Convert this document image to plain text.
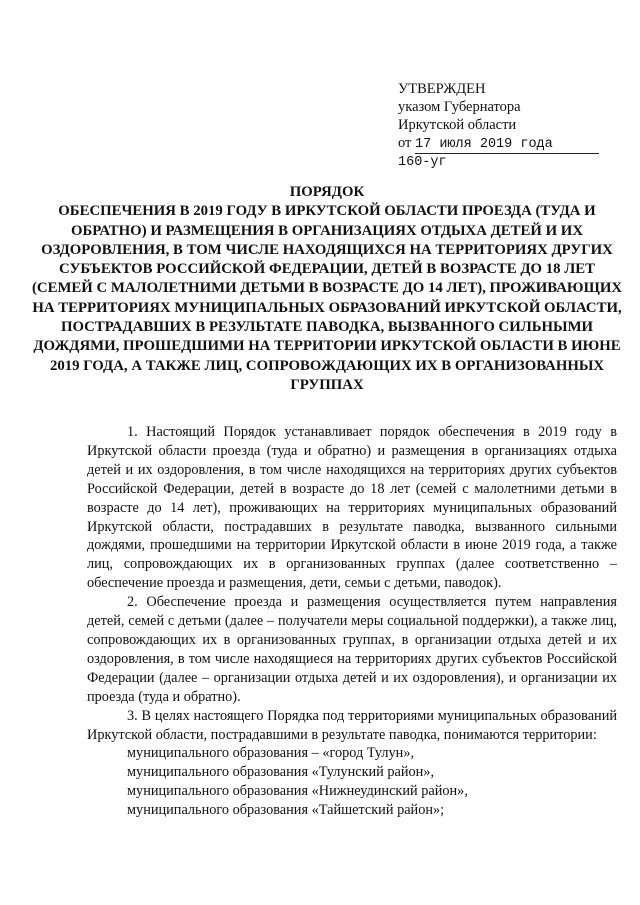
УТВЕРЖДЕН
указом Губернатора
Иркутской области
от 17 июля 2019 года
160-уг
ПОРЯДОК
ОБЕСПЕЧЕНИЯ В 2019 ГОДУ В ИРКУТСКОЙ ОБЛАСТИ ПРОЕЗДА (ТУДА И ОБРАТНО) И РАЗМЕЩЕНИЯ В ОРГАНИЗАЦИЯХ ОТДЫХА ДЕТЕЙ И ИХ ОЗДОРОВЛЕНИЯ, В ТОМ ЧИСЛЕ НАХОДЯЩИХСЯ НА ТЕРРИТОРИЯХ ДРУГИХ СУБЪЕКТОВ РОССИЙСКОЙ ФЕДЕРАЦИИ, ДЕТЕЙ В ВОЗРАСТЕ ДО 18 ЛЕТ (СЕМЕЙ С МАЛОЛЕТНИМИ ДЕТЬМИ В ВОЗРАСТЕ ДО 14 ЛЕТ), ПРОЖИВАЮЩИХ НА ТЕРРИТОРИЯХ МУНИЦИПАЛЬНЫХ ОБРАЗОВАНИЙ ИРКУТСКОЙ ОБЛАСТИ, ПОСТРАДАВШИХ В РЕЗУЛЬТАТЕ ПАВОДКА, ВЫЗВАННОГО СИЛЬНЫМИ ДОЖДЯМИ, ПРОШЕДШИМИ НА ТЕРРИТОРИИ ИРКУТСКОЙ ОБЛАСТИ В ИЮНЕ 2019 ГОДА, А ТАКЖЕ ЛИЦ, СОПРОВОЖДАЮЩИХ ИХ В ОРГАНИЗОВАННЫХ ГРУППАХ

1. Настоящий Порядок устанавливает порядок обеспечения в 2019 году в Иркутской области проезда (туда и обратно) и размещения в организациях отдыха детей и их оздоровления, в том числе находящихся на территориях других субъектов Российской Федерации, детей в возрасте до 18 лет (семей с малолетними детьми в возрасте до 14 лет), проживающих на территориях муниципальных образований Иркутской области, пострадавших в результате паводка, вызванного сильными дождями, прошедшими на территории Иркутской области в июне 2019 года, а также лиц, сопровождающих их в организованных группах (далее соответственно – обеспечение проезда и размещения, дети, семьи с детьми, паводок).

2. Обеспечение проезда и размещения осуществляется путем направления детей, семей с детьми (далее – получатели меры социальной поддержки), а также лиц, сопровождающих их в организованных группах, в организации отдыха детей и их оздоровления, в том числе находящиеся на территориях других субъектов Российской Федерации (далее – организации отдыха детей и их оздоровления), и организации их проезда (туда и обратно).

3. В целях настоящего Порядка под территориями муниципальных образований Иркутской области, пострадавшими в результате паводка, понимаются территории:

муниципального образования – «город Тулун»,
муниципального образования «Тулунский район»,
муниципального образования «Нижнеудинский район»,
муниципального образования «Тайшетский район»;
